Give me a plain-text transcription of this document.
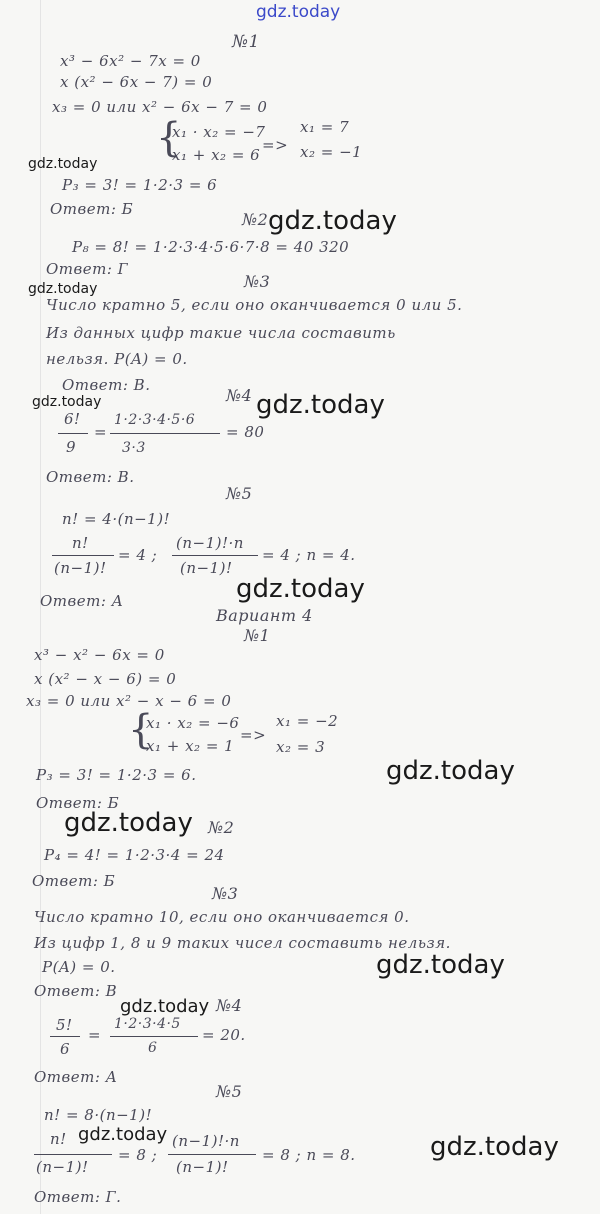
gdz.today
№1
x³ − 6x² − 7x = 0
x (x² − 6x − 7) = 0
x₃ = 0 или x² − 6x − 7 = 0
{
x₁ · x₂ = −7
x₁ + x₂ = 6
=>
x₁ = 7
x₂ = −1
gdz.today
P₃ = 3! = 1·2·3 = 6
Ответ: Б
№2 gdz.today
P₈ = 8! = 1·2·3·4·5·6·7·8 = 40 320
Ответ: Г
gdz.today	№3
Число кратно 5, если оно оканчивается 0 или 5.
Из данных цифр такие числа составить
нельзя. P(A) = 0.
Ответ: В.
gdz.today	№4 gdz.today
6!
9
=
1·2·3·4·5·6
3·3
= 80
Ответ: В.
№5
n! = 4·(n−1)!
n!
(n−1)!
= 4 ;
(n−1)!·n
(n−1)!
= 4 ; n = 4.
gdz.today
Ответ: А
Вариант 4
№1
x³ − x² − 6x = 0
x (x² − x − 6) = 0
x₃ = 0 или x² − x − 6 = 0
{
x₁ · x₂ = −6
x₁ + x₂ = 1
=>
x₁ = −2
x₂ = 3
P₃ = 3! = 1·2·3 = 6.	gdz.today
Ответ: Б
gdz.today №2
P₄ = 4! = 1·2·3·4 = 24
Ответ: Б
№3
Число кратно 10, если оно оканчивается 0.
Из цифр 1, 8 и 9 таких чисел составить нельзя.
P(A) = 0.	gdz.today
Ответ: В
gdz.today №4
5!
6
=
1·2·3·4·5
6
= 20.
Ответ: А
№5
n! = 8·(n−1)!
gdz.today
n!
(n−1)!
= 8 ;
(n−1)!·n
(n−1)!
= 8 ; n = 8.	gdz.today
Ответ: Г.
